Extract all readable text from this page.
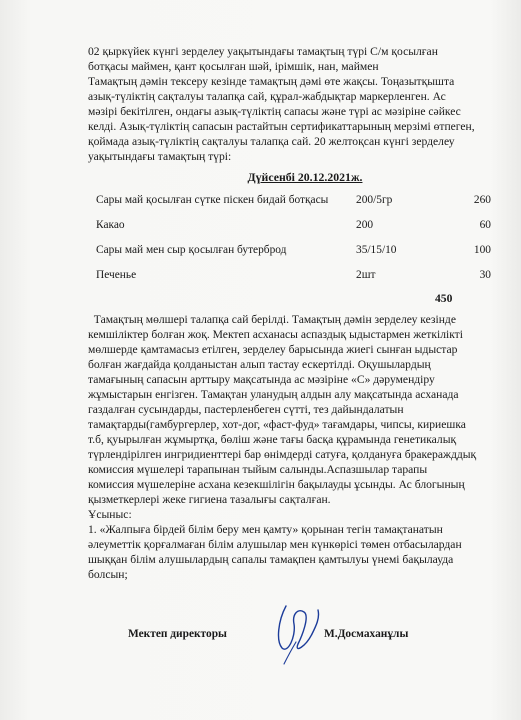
02 қыркүйек күнгі зерделеу уақытындағы тамақтың түрі С/м қосылған

ботқасы маймен, қант қосылған шәй, ірімшік, нан, маймен

Тамақтың дәмін тексеру кезінде тамақтың дәмі өте жақсы. Тоңазытқышта

азық-түліктің сақталуы талапқа сай, құрал-жабдықтар маркерленген. Ас

мәзірі бекітілген, ондағы азық-түліктің сапасы және түрі ас мәзіріне сәйкес

келді. Азық-түліктің сапасын растайтын сертификаттарының мерзімі өтпеген,

қоймада азық-түліктің сақталуы талапқа сай. 20 желтоқсан күнгі зерделеу

уақытындағы тамақтың түрі:

Дүйсенбі 20.12.2021ж.
Сары май қосылған сүтке піскен бидай ботқасы	200/5гр	260
Какао	200	60
Сары май мен сыр қосылған бутерброд	35/15/10	100
Печенье	2шт	30
450

Тамақтың мөлшері талапқа сай берілді. Тамақтың дәмін зерделеу кезінде

кемшіліктер болған жоқ. Мектеп асханасы аспаздық ыдыстармен жеткілікті

мөлшерде қамтамасыз етілген, зерделеу барысында жиегі сынған ыдыстар

болған жағдайда қолданыстан алып тастау ескертілді. Оқушылардың

тамағының сапасын арттыру мақсатында ас мәзіріне «С» дәрумендіру

жұмыстарын енгізген. Тамақтан уланудың алдын алу мақсатында асханада

газдалған сусындарды, пастерленбеген сүтті, тез дайындалатын

тамақтарды(гамбургерлер, хот-дог, «фаст-фуд» тағамдары, чипсы, кириешка

т.б, қуырылған жұмыртқа, бөліш және тағы басқа құрамында генетикалық

түрлендірілген ингридиенттері бар өнімдерді сатуға, қолдануға бракеражддық

комиссия мүшелері тарапынан тыйым салынды.Аспазшылар тарапы

комиссия мүшелеріне асхана кезекшілігін бақылауды ұсынды. Ас блогының

қызметкерлері жеке гигиена тазалығы сақталған.

Ұсыныс:

1. «Жалпыға бірдей білім беру мен қамту» қорынан тегін тамақтанатын

әлеуметтік қорғалмаған білім алушылар мен күнкөрісі төмен отбасылардан

шыққан білім алушылардың сапалы тамақпен қамтылуы үнемі бақылауда

болсын;

Мектеп директоры	М.Досмаханұлы
